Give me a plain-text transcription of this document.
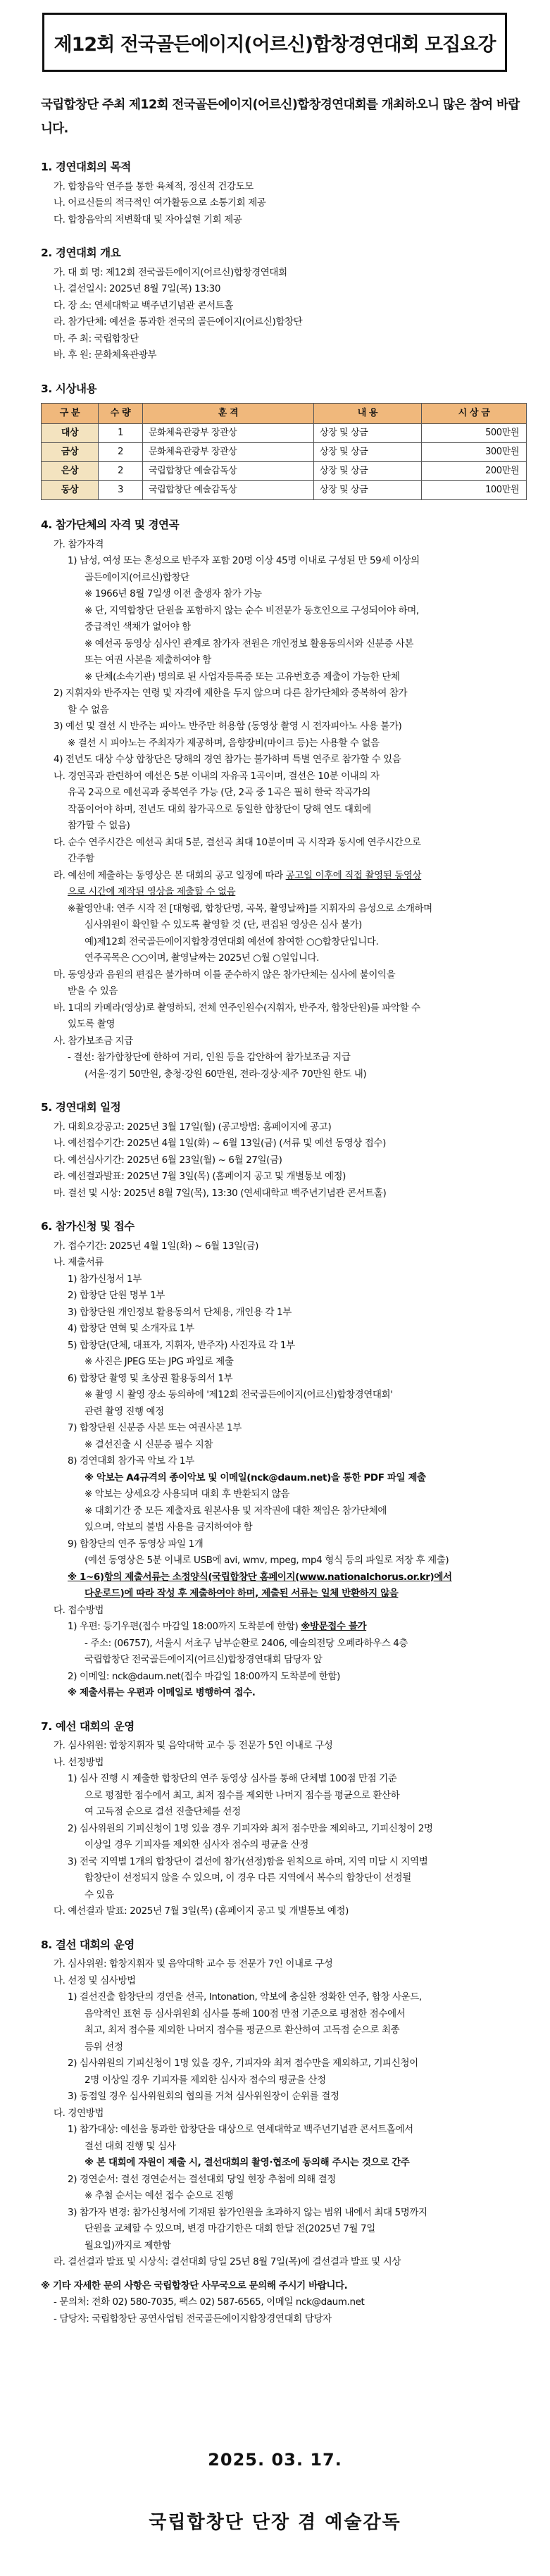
제12회 전국골든에이지(어르신)합창경연대회 모집요강
국립합창단 주최 제12회 전국골든에이지(어르신)합창경연대회를 개최하오니 많은 참여 바랍니다.
1. 경연대회의 목적
가. 합창음악 연주를 통한 육체적, 정신적 건강도모
나. 어르신들의 적극적인 여가활동으로 소통기회 제공
다. 합창음악의 저변확대 및 자아실현 기회 제공
2. 경연대회 개요
가. 대 회 명: 제12회 전국골든에이지(어르신)합창경연대회
나. 결선일시: 2025년 8월 7일(목) 13:30
다. 장 소: 연세대학교 백주년기념관 콘서트홀
라. 참가단체: 예선을 통과한 전국의 골든에이지(어르신)합창단
마. 주 최: 국립합창단
바. 후 원: 문화체육관광부
3. 시상내용
구 분	수 량	훈 격	내 용	시 상 금
대상	1	문화체육관광부 장관상	상장 및 상금	500만원
금상	2	문화체육관광부 장관상	상장 및 상금	300만원
은상	2	국립합창단 예술감독상	상장 및 상금	200만원
동상	3	국립합창단 예술감독상	상장 및 상금	100만원
4. 참가단체의 자격 및 경연곡
가. 참가자격
1) 남성, 여성 또는 혼성으로 반주자 포함 20명 이상 45명 이내로 구성된 만 59세 이상의
골든에이지(어르신)합창단
※ 1966년 8월 7일생 이전 출생자 참가 가능
※ 단, 지역합창단 단원을 포함하지 않는 순수 비전문가 동호인으로 구성되어야 하며,
중급적인 색채가 없어야 함
※ 예선곡 동영상 심사인 관계로 참가자 전원은 개인정보 활용동의서와 신분증 사본
또는 여권 사본을 제출하여야 함
※ 단체(소속기관) 명의로 된 사업자등록증 또는 고유번호증 제출이 가능한 단체
2) 지휘자와 반주자는 연령 및 자격에 제한을 두지 않으며 다른 참가단체와 중복하여 참가
할 수 없음
3) 예선 및 결선 시 반주는 피아노 반주만 허용함 (동영상 촬영 시 전자피아노 사용 불가)
※ 결선 시 피아노는 주최자가 제공하며, 음향장비(마이크 등)는 사용할 수 없음
4) 전년도 대상 수상 합창단은 당해의 경연 참가는 불가하며 특별 연주로 참가할 수 있음
나. 경연곡과 관련하여 예선은 5분 이내의 자유곡 1곡이며, 결선은 10분 이내의 자
유곡 2곡으로 예선곡과 중복연주 가능 (단, 2곡 중 1곡은 필히 한국 작곡가의
작품이어야 하며, 전년도 대회 참가곡으로 동일한 합창단이 당해 연도 대회에
참가할 수 없음)
다. 순수 연주시간은 예선곡 최대 5분, 결선곡 최대 10분이며 곡 시작과 동시에 연주시간으로
간주함
라. 예선에 제출하는 동영상은 본 대회의 공고 일정에 따라 공고일 이후에 직접 촬영된 동영상
으로 시간에 제작된 영상을 제출할 수 없음
※촬영안내: 연주 시작 전 [대형랩, 합창단명, 곡목, 촬영날짜]를 지휘자의 음성으로 소개하며
심사위원이 확인할 수 있도록 촬영할 것 (단, 편집된 영상은 심사 불가)
예)제12회 전국골든에이지합창경연대회 예선에 참여한 ○○합창단입니다.
연주곡목은 ○○이며, 촬영날짜는 2025년 ○월 ○일입니다.
마. 동영상과 음원의 편집은 불가하며 이를 준수하지 않은 참가단체는 심사에 불이익을
받을 수 있음
바. 1대의 카메라(영상)로 촬영하되, 전체 연주인원수(지휘자, 반주자, 합창단원)를 파악할 수
있도록 촬영
사. 참가보조금 지급
- 결선: 참가합창단에 한하여 거리, 인원 등을 감안하여 참가보조금 지급
(서울·경기 50만원, 충청·강원 60만원, 전라·경상·제주 70만원 한도 내)
5. 경연대회 일정
가. 대회요강공고: 2025년 3월 17일(월) (공고방법: 홈페이지에 공고)
나. 예선접수기간: 2025년 4월 1일(화) ~ 6월 13일(금) (서류 및 예선 동영상 접수)
다. 예선심사기간: 2025년 6월 23일(월) ~ 6월 27일(금)
라. 예선결과발표: 2025년 7월 3일(목) (홈페이지 공고 및 개별통보 예정)
마. 결선 및 시상: 2025년 8월 7일(목), 13:30 (연세대학교 백주년기념관 콘서트홀)
6. 참가신청 및 접수
가. 접수기간: 2025년 4월 1일(화) ~ 6월 13일(금)
나. 제출서류
1) 참가신청서 1부
2) 합창단 단원 명부 1부
3) 합창단원 개인정보 활용동의서 단체용, 개인용 각 1부
4) 합창단 연혁 및 소개자료 1부
5) 합창단(단체, 대표자, 지휘자, 반주자) 사진자료 각 1부
※ 사진은 JPEG 또는 JPG 파일로 제출
6) 합창단 촬영 및 초상권 활용동의서 1부
※ 촬영 시 촬영 장소 동의하에 '제12회 전국골든에이지(어르신)합창경연대회'
관련 촬영 진행 예정
7) 합창단원 신분증 사본 또는 여권사본 1부
※ 결선진출 시 신분증 필수 지참
8) 경연대회 참가곡 악보 각 1부
※ 악보는 A4규격의 종이악보 및 이메일(nck@daum.net)을 통한 PDF 파일 제출
※ 악보는 상세요강 사용되며 대회 후 반환되지 않음
※ 대회기간 중 모든 제출자료 원본사용 및 저작권에 대한 책임은 참가단체에
있으며, 악보의 불법 사용을 금지하여야 함
9) 합창단의 연주 동영상 파일 1개
(예선 동영상은 5분 이내로 USB에 avi, wmv, mpeg, mp4 형식 등의 파일로 저장 후 제출)
※ 1~6)항의 제출서류는 소정양식(국립합창단 홈페이지(www.nationalchorus.or.kr)에서
다운로드)에 따라 작성 후 제출하여야 하며, 제출된 서류는 일체 반환하지 않음
다. 접수방법
1) 우편: 등기우편(접수 마감일 18:00까지 도착분에 한함) ※방문접수 불가
- 주소: (06757), 서울시 서초구 남부순환로 2406, 예술의전당 오페라하우스 4층
국립합창단 전국골든에이지(어르신)합창경연대회 담당자 앞
2) 이메일: nck@daum.net(접수 마감일 18:00까지 도착분에 한함)
※ 제출서류는 우편과 이메일로 병행하여 접수.
7. 예선 대회의 운영
가. 심사위원: 합창지휘자 및 음악대학 교수 등 전문가 5인 이내로 구성
나. 선정방법
1) 심사 진행 시 제출한 합창단의 연주 동영상 심사를 통해 단체별 100점 만점 기준
으로 평점한 점수에서 최고, 최저 점수를 제외한 나머지 점수를 평균으로 환산하
여 고득점 순으로 결선 진출단체를 선정
2) 심사위원의 기피신청이 1명 있을 경우 기피자와 최저 점수만을 제외하고, 기피신청이 2명
이상일 경우 기피자를 제외한 심사자 점수의 평균을 산정
3) 전국 지역별 1개의 합창단이 결선에 참가(선정)함을 원칙으로 하며, 지역 미달 시 지역별
합창단이 선정되지 않을 수 있으며, 이 경우 다른 지역에서 복수의 합창단이 선정될
수 있음
다. 예선결과 발표: 2025년 7월 3일(목) (홈페이지 공고 및 개별통보 예정)
8. 결선 대회의 운영
가. 심사위원: 합창지휘자 및 음악대학 교수 등 전문가 7인 이내로 구성
나. 선정 및 심사방법
1) 결선진출 합창단의 경연을 선곡, Intonation, 악보에 충실한 정확한 연주, 합창 사운드,
음악적인 표현 등 심사위원회 심사를 통해 100점 만점 기준으로 평점한 점수에서
최고, 최저 점수를 제외한 나머지 점수를 평균으로 환산하여 고득점 순으로 최종
등위 선정
2) 심사위원의 기피신청이 1명 있을 경우, 기피자와 최저 점수만을 제외하고, 기피신청이
2명 이상일 경우 기피자를 제외한 심사자 점수의 평균을 산정
3) 동점일 경우 심사위원회의 협의를 거쳐 심사위원장이 순위를 결정
다. 경연방법
1) 참가대상: 예선을 통과한 합창단을 대상으로 연세대학교 백주년기념관 콘서트홀에서
결선 대회 진행 및 심사
※ 본 대회에 자원이 제출 시, 결선대회의 촬영·협조에 동의해 주시는 것으로 간주
2) 경연순서: 결선 경연순서는 결선대회 당일 현장 추첨에 의해 결정
※ 추첨 순서는 예선 접수 순으로 진행
3) 참가자 변경: 참가신청서에 기재된 참가인원을 초과하지 않는 범위 내에서 최대 5명까지
단원을 교체할 수 있으며, 변경 마감기한은 대회 한달 전(2025년 7월 7일
월요일)까지로 제한함
라. 결선결과 발표 및 시상식: 결선대회 당일 25년 8월 7일(목)에 결선결과 발표 및 시상
※ 기타 자세한 문의 사항은 국립합창단 사무국으로 문의해 주시기 바랍니다.
- 문의처: 전화 02) 580-7035, 팩스 02) 587-6565, 이메일 nck@daum.net
- 담당자: 국립합창단 공연사업팀 전국골든에이지합창경연대회 담당자
2025. 03. 17.
국립합창단 단장 겸 예술감독
